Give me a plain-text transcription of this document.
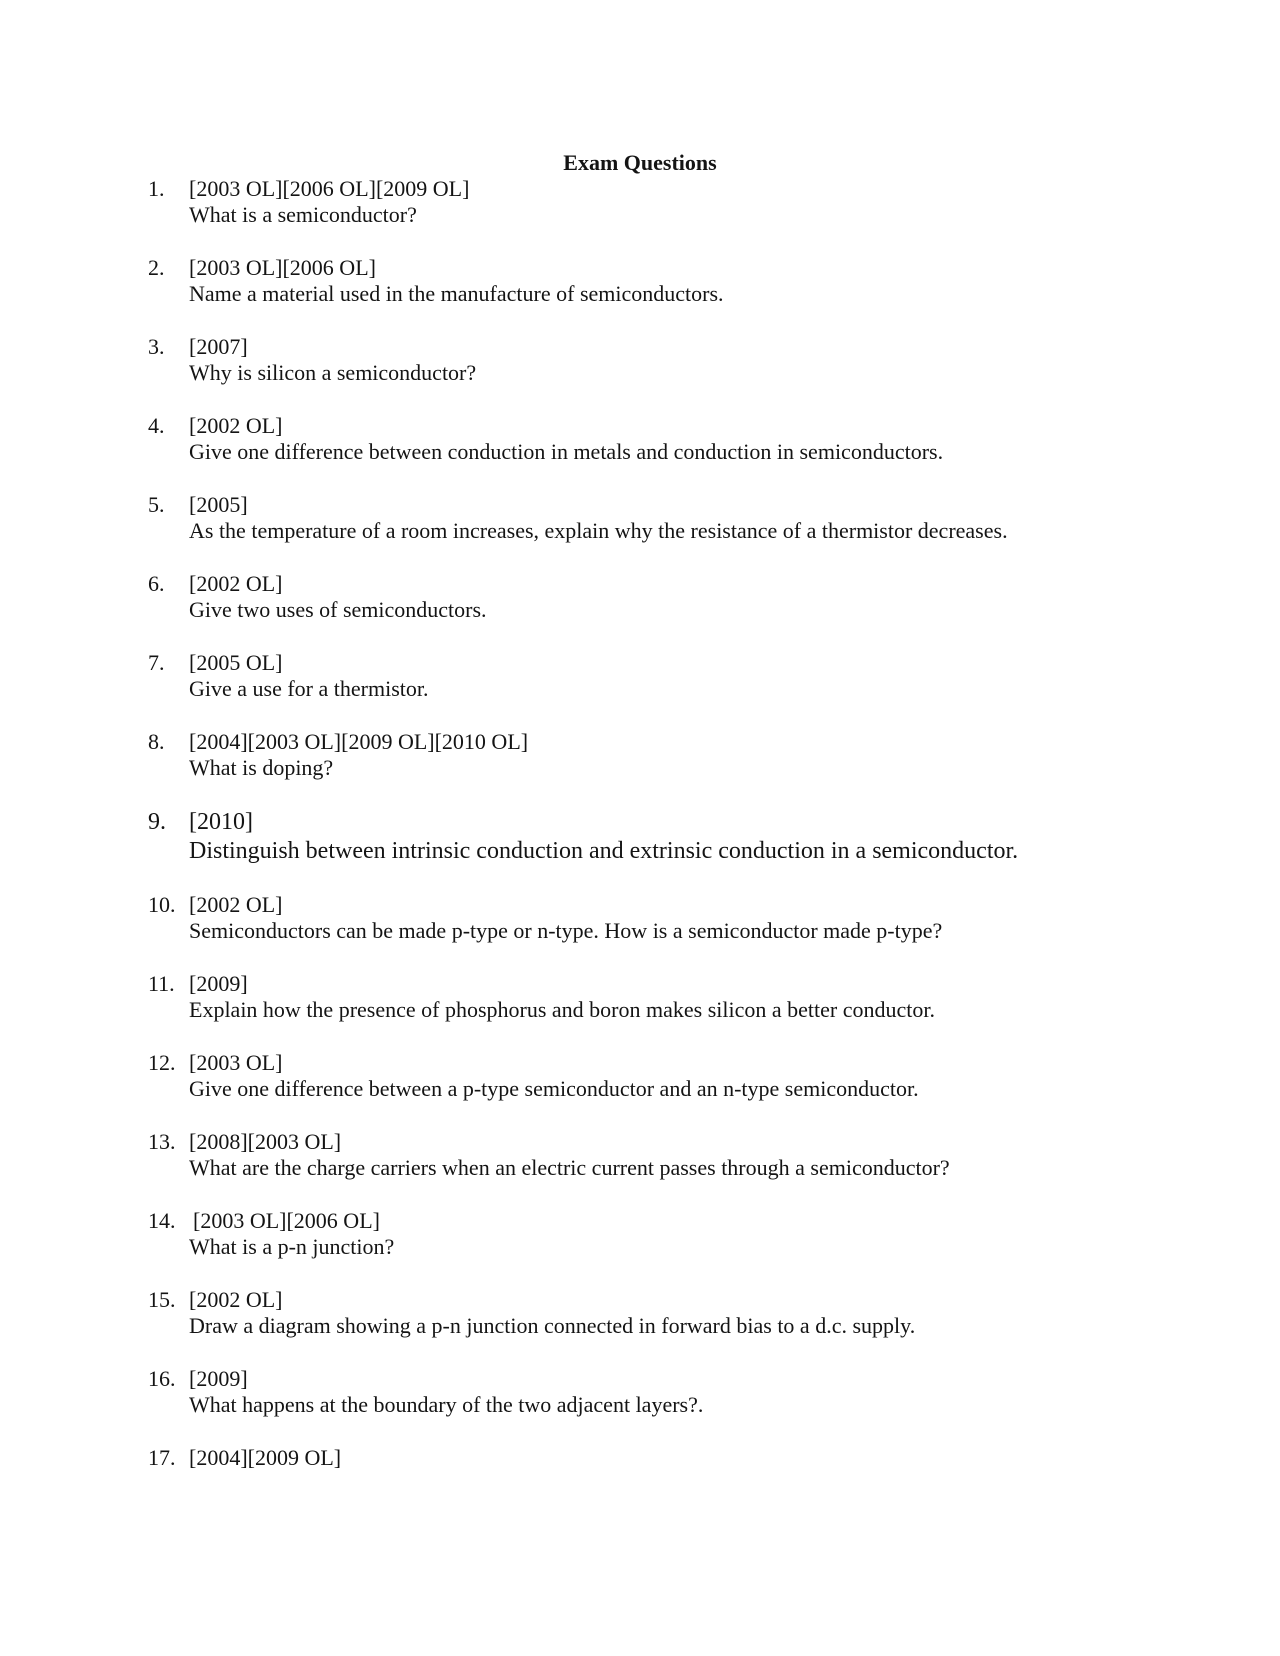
Exam Questions
1. [2003 OL][2006 OL][2009 OL]
What is a semiconductor?
2. [2003 OL][2006 OL]
Name a material used in the manufacture of semiconductors.
3. [2007]
Why is silicon a semiconductor?
4. [2002 OL]
Give one difference between conduction in metals and conduction in semiconductors.
5. [2005]
As the temperature of a room increases, explain why the resistance of a thermistor decreases.
6. [2002 OL]
Give two uses of semiconductors.
7. [2005 OL]
Give a use for a thermistor.
8. [2004][2003 OL][2009 OL][2010 OL]
What is doping?
9. [2010]
Distinguish between intrinsic conduction and extrinsic conduction in a semiconductor.
10. [2002 OL]
Semiconductors can be made p-type or n-type. How is a semiconductor made p-type?
11. [2009]
Explain how the presence of phosphorus and boron makes silicon a better conductor.
12. [2003 OL]
Give one difference between a p-type semiconductor and an n-type semiconductor.
13. [2008][2003 OL]
What are the charge carriers when an electric current passes through a semiconductor?
14. [2003 OL][2006 OL]
What is a p-n junction?
15. [2002 OL]
Draw a diagram showing a p-n junction connected in forward bias to a d.c. supply.
16. [2009]
What happens at the boundary of the two adjacent layers?.
17. [2004][2009 OL]
